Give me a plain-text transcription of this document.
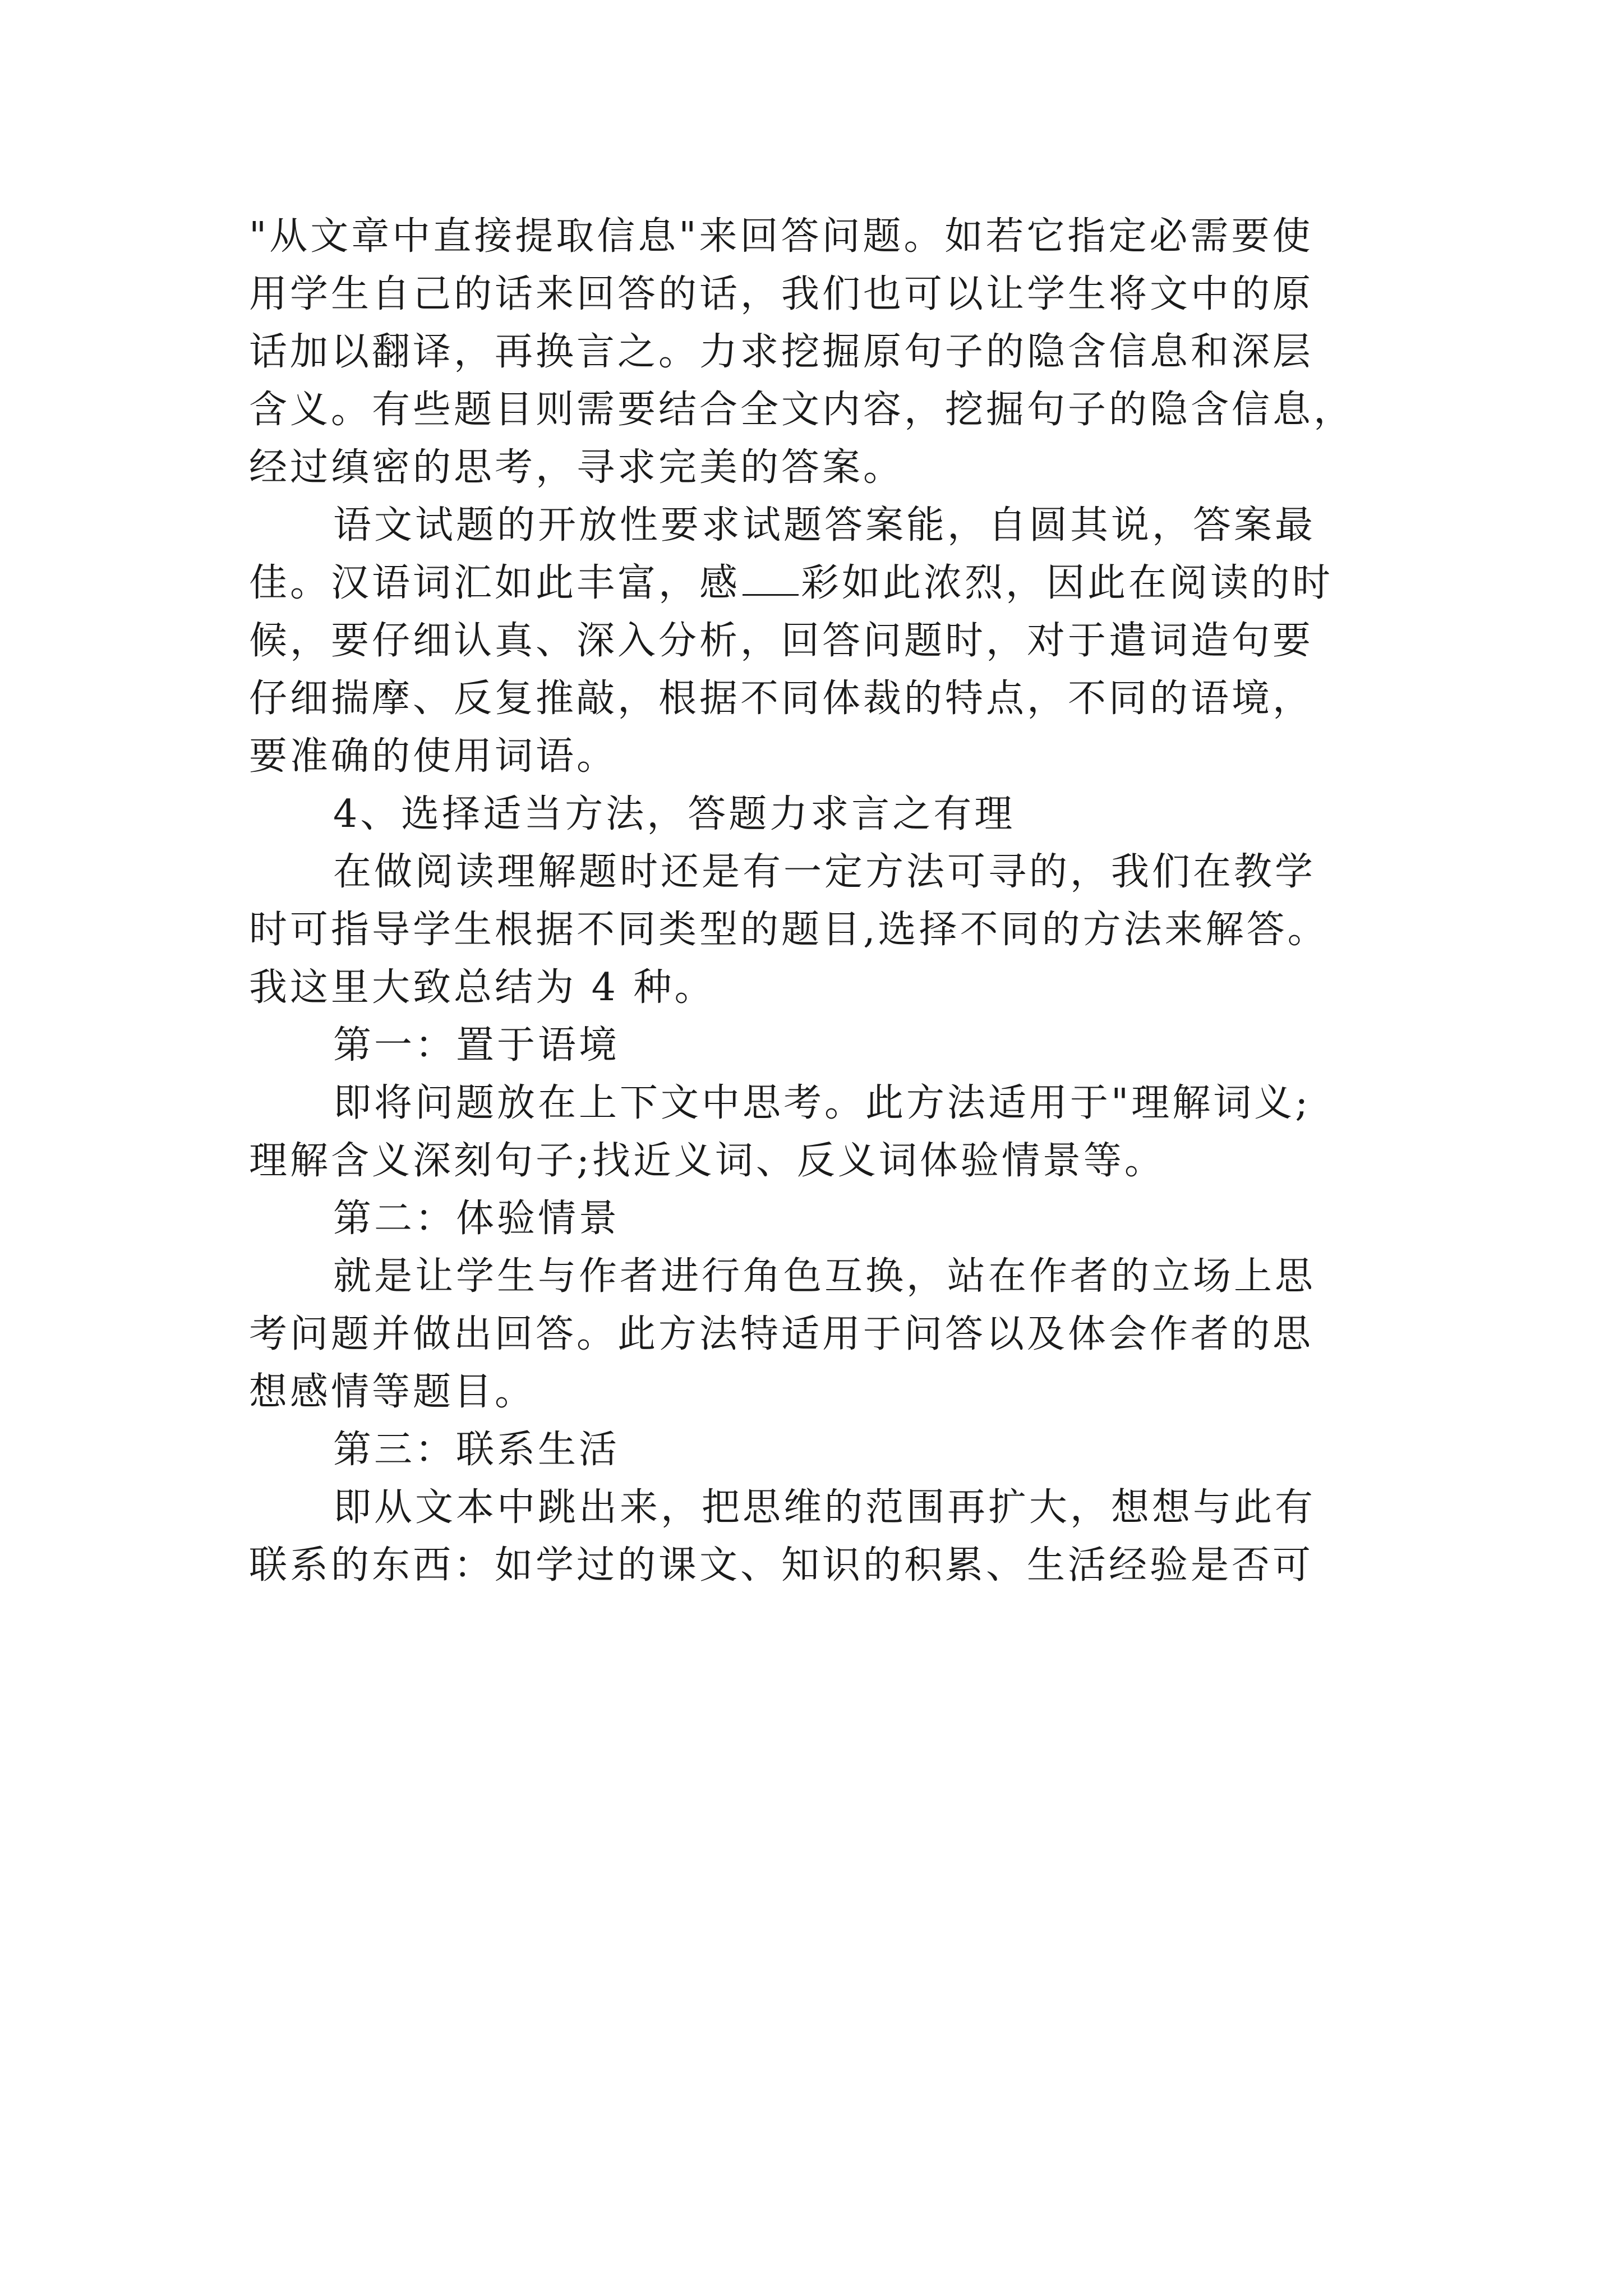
"从文章中直接提取信息"来回答问题。如若它指定必需要使
用学生自己的话来回答的话，我们也可以让学生将文中的原
话加以翻译，再换言之。力求挖掘原句子的隐含信息和深层
含义。有些题目则需要结合全文内容，挖掘句子的隐含信息，
经过缜密的思考，寻求完美的答案。
语文试题的开放性要求试题答案能，自圆其说，答案最
佳。汉语词汇如此丰富，感 彩如此浓烈，因此在阅读的时
候，要仔细认真、深入分析，回答问题时，对于遣词造句要
仔细揣摩、反复推敲，根据不同体裁的特点，不同的语境，
要准确的使用词语。
4、选择适当方法，答题力求言之有理
在做阅读理解题时还是有一定方法可寻的，我们在教学
时可指导学生根据不同类型的题目,选择不同的方法来解答。
我这里大致总结为 4 种。
第一：置于语境
即将问题放在上下文中思考。此方法适用于"理解词义;
理解含义深刻句子;找近义词、反义词体验情景等。
第二：体验情景
就是让学生与作者进行角色互换，站在作者的立场上思
考问题并做出回答。此方法特适用于问答以及体会作者的思
想感情等题目。
第三：联系生活
即从文本中跳出来，把思维的范围再扩大，想想与此有
联系的东西：如学过的课文、知识的积累、生活经验是否可
